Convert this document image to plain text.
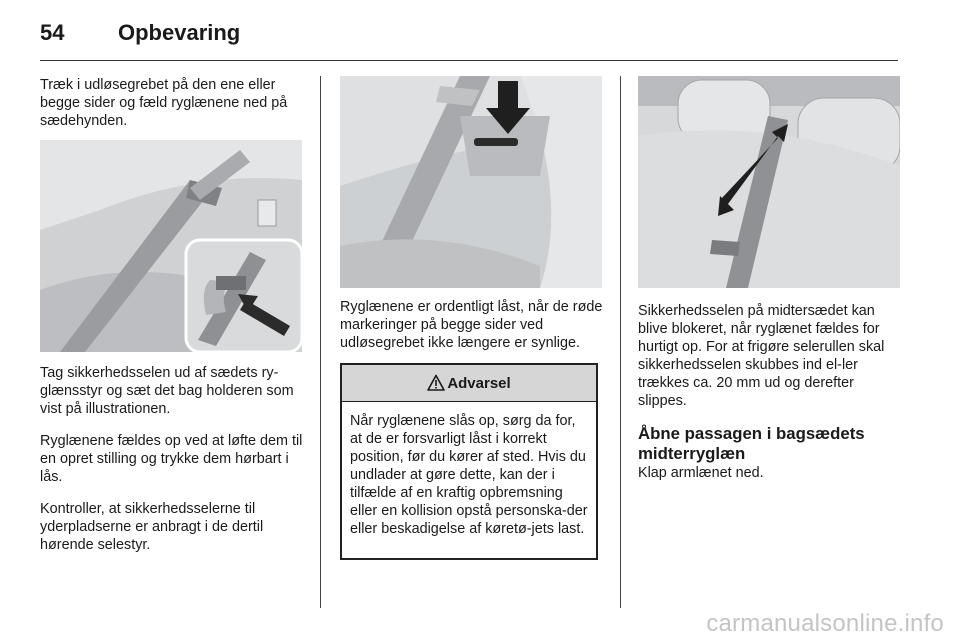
54 Opbevaring

Træk i udløsegrebet på den ene eller begge sider og fæld ryglænene ned på sædehynden.

Tag sikkerhedsselen ud af sædets ry-glænsstyr og sæt det bag holderen som vist på illustrationen.

Ryglænene fældes op ved at løfte dem til en opret stilling og trykke dem hørbart i lås.

Kontroller, at sikkerhedsselerne til yderpladserne er anbragt i de dertil hørende selestyr.

Ryglænene er ordentligt låst, når de røde markeringer på begge sider ved udløsegrebet ikke længere er synlige.

Advarsel

Når ryglænene slås op, sørg da for, at de er forsvarligt låst i korrekt position, før du kører af sted. Hvis du undlader at gøre dette, kan der i tilfælde af en kraftig opbremsning eller en kollision opstå personska-der eller beskadigelse af køretø-jets last.

Sikkerhedsselen på midtersædet kan blive blokeret, når ryglænet fældes for hurtigt op. For at frigøre selerullen skal sikkerhedsselen skubbes ind el-ler trækkes ca. 20 mm ud og derefter slippes.

Åbne passagen i bagsædets midterryglæn

Klap armlænet ned.

carmanualsonline.info
